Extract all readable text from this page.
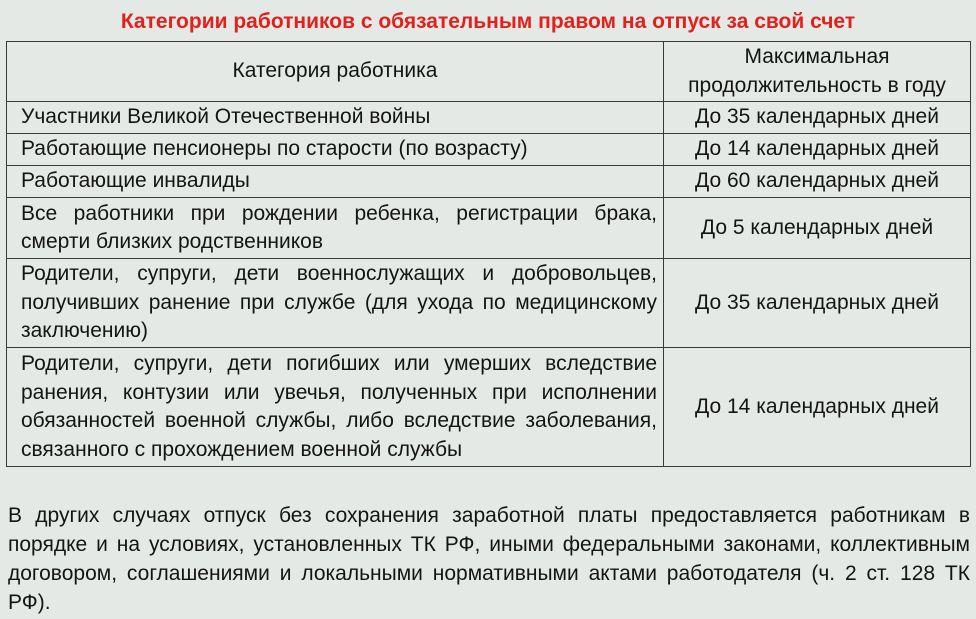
Категории работников с обязательным правом на отпуск за свой счет
Категория работника	Максимальная продолжительность в году
Участники Великой Отечественной войны	До 35 календарных дней
Работающие пенсионеры по старости (по возрасту)	До 14 календарных дней
Работающие инвалиды	До 60 календарных дней
Все работники при рождении ребенка, регистрации брака, смерти близких родственников	До 5 календарных дней
Родители, супруги, дети военнослужащих и добровольцев, получивших ранение при службе (для ухода по медицинскому заключению)	До 35 календарных дней
Родители, супруги, дети погибших или умерших вследствие ранения, контузии или увечья, полученных при исполнении обязанностей военной службы, либо вследствие заболевания, связанного с прохождением военной службы	До 14 календарных дней
В других случаях отпуск без сохранения заработной платы предоставляется работникам в порядке и на условиях, установленных ТК РФ, иными федеральными законами, коллективным договором, соглашениями и локальными нормативными актами работодателя (ч. 2 ст. 128 ТК РФ).
